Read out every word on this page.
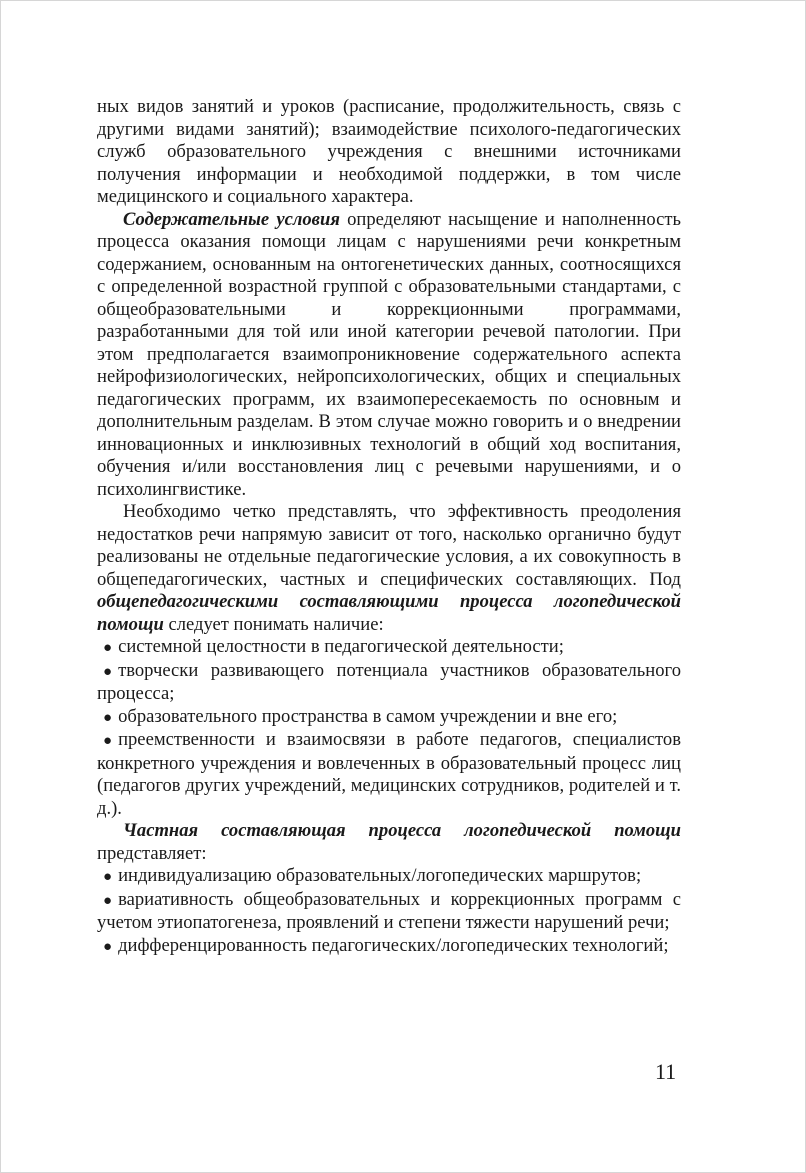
ных видов занятий и уроков (расписание, продолжительность, связь с другими видами занятий); взаимодействие психолого-педагогических служб образовательного учреждения с внешними источниками получения информации и необходимой поддержки, в том числе медицинского и социального характера.

Содержательные условия определяют насыщение и наполненность процесса оказания помощи лицам с нарушениями речи конкретным содержанием, основанным на онтогенетических данных, соотносящихся с определенной возрастной группой с образовательными стандартами, с общеобразовательными и коррекционными программами, разработанными для той или иной категории речевой патологии. При этом предполагается взаимопроникновение содержательного аспекта нейрофизиологических, нейропсихологических, общих и специальных педагогических программ, их взаимопересекаемость по основным и дополнительным разделам. В этом случае можно говорить и о внедрении инновационных и инклюзивных технологий в общий ход воспитания, обучения и/или восстановления лиц с речевыми нарушениями, и о психолингвистике.

Необходимо четко представлять, что эффективность преодоления недостатков речи напрямую зависит от того, насколько органично будут реализованы не отдельные педагогические условия, а их совокупность в общепедагогических, частных и специфических составляющих. Под общепедагогическими составляющими процесса логопедической помощи следует понимать наличие:

● системной целостности в педагогической деятельности;

● творчески развивающего потенциала участников образовательного процесса;

● образовательного пространства в самом учреждении и вне его;

● преемственности и взаимосвязи в работе педагогов, специалистов конкретного учреждения и вовлеченных в образовательный процесс лиц (педагогов других учреждений, медицинских сотрудников, родителей и т. д.).

Частная составляющая процесса логопедической помощи представляет:

● индивидуализацию образовательных/логопедических маршрутов;

● вариативность общеобразовательных и коррекционных программ с учетом этиопатогенеза, проявлений и степени тяжести нарушений речи;

● дифференцированность педагогических/логопедических технологий;

11
